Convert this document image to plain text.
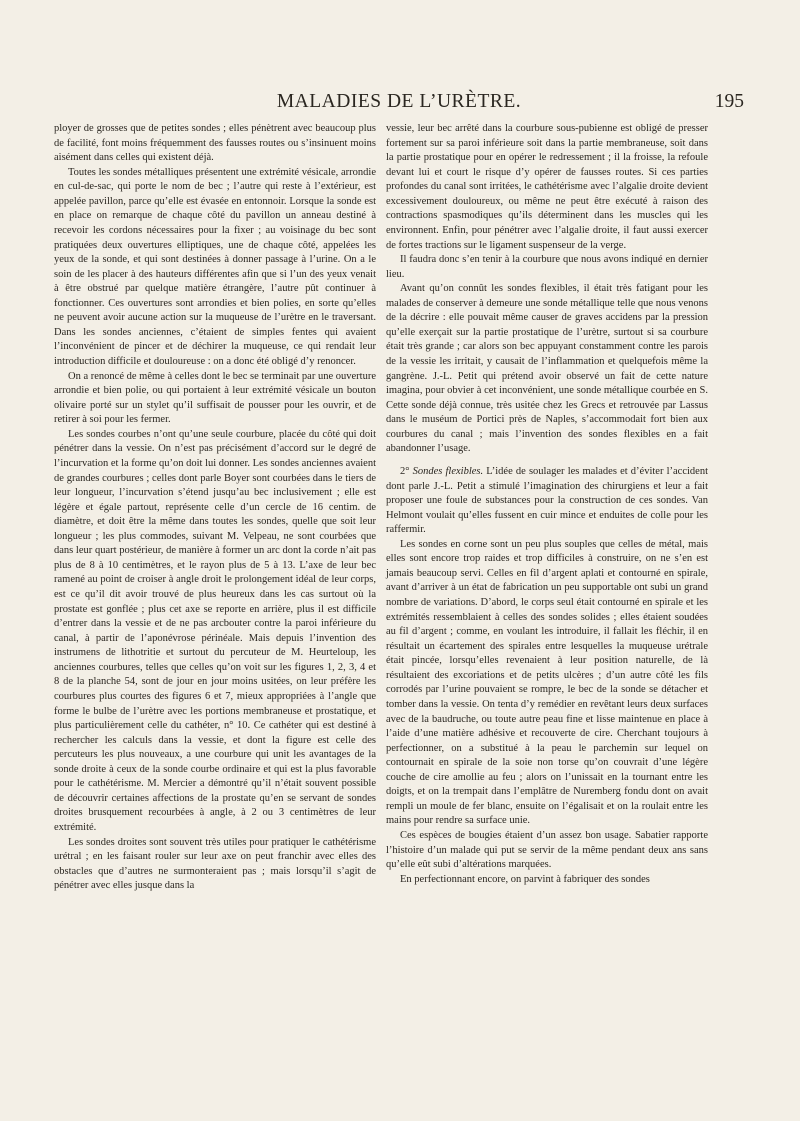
MALADIES DE L’URÈTRE.	195

ployer de grosses que de petites sondes ; elles pénètrent avec beaucoup plus de facilité, font moins fréquemment des fausses routes ou s’insinuent moins aisément dans celles qui existent déjà.

Toutes les sondes métalliques présentent une extrémité vésicale, arrondie en cul-de-sac, qui porte le nom de bec ; l’autre qui reste à l’extérieur, est appelée pavillon, parce qu’elle est évasée en entonnoir. Lorsque la sonde est en place on remarque de chaque côté du pavillon un anneau destiné à recevoir les cordons nécessaires pour la fixer ; au voisinage du bec sont pratiquées deux ouvertures elliptiques, une de chaque côté, appelées les yeux de la sonde, et qui sont destinées à donner passage à l’urine. On a le soin de les placer à des hauteurs différentes afin que si l’un des yeux venait à être obstrué par quelque matière étrangère, l’autre pût continuer à fonctionner. Ces ouvertures sont arrondies et bien polies, en sorte qu’elles ne peuvent avoir aucune action sur la muqueuse de l’urètre en le traversant. Dans les sondes anciennes, c’étaient de simples fentes qui avaient l’inconvénient de pincer et de déchirer la muqueuse, ce qui rendait leur introduction difficile et douloureuse : on a donc été obligé d’y renoncer.

On a renoncé de même à celles dont le bec se terminait par une ouverture arrondie et bien polie, ou qui portaient à leur extrémité vésicale un bouton olivaire porté sur un stylet qu’il suffisait de pousser pour les ouvrir, et de retirer à soi pour les fermer.

Les sondes courbes n’ont qu’une seule courbure, placée du côté qui doit pénétrer dans la vessie. On n’est pas précisément d’accord sur le degré de l’incurvation et la forme qu’on doit lui donner. Les sondes anciennes avaient de grandes courbures ; celles dont parle Boyer sont courbées dans le tiers de leur longueur, l’incurvation s’étend jusqu’au bec inclusivement ; elle est légère et égale partout, représente celle d’un cercle de 16 centim. de diamètre, et doit être la même dans toutes les sondes, quelle que soit leur longueur ; les plus commodes, suivant M. Velpeau, ne sont courbées que dans leur quart postérieur, de manière à former un arc dont la corde n’ait pas plus de 8 à 10 centimètres, et le rayon plus de 5 à 13. L’axe de leur bec ramené au point de croiser à angle droit le prolongement idéal de leur corps, est ce qu’il dit avoir trouvé de plus heureux dans les cas surtout où la prostate est gonflée ; plus cet axe se reporte en arrière, plus il est difficile d’entrer dans la vessie et de ne pas arcbouter contre la paroi inférieure du canal, à partir de l’aponévrose périnéale. Mais depuis l’invention des instrumens de lithotritie et surtout du percuteur de M. Heurteloup, les anciennes courbures, telles que celles qu’on voit sur les figures 1, 2, 3, 4 et 8 de la planche 54, sont de jour en jour moins usitées, on leur préfère les courbures plus courtes des figures 6 et 7, mieux appropriées à l’angle que forme le bulbe de l’urètre avec les portions membraneuse et prostatique, et plus particulièrement celle du cathéter, n° 10. Ce cathéter qui est destiné à rechercher les calculs dans la vessie, et dont la figure est celle des percuteurs les plus nouveaux, a une courbure qui unit les avantages de la sonde droite à ceux de la sonde courbe ordinaire et qui est la plus favorable pour le cathétérisme. M. Mercier a démontré qu’il n’était souvent possible de découvrir certaines affections de la prostate qu’en se servant de sondes droites brusquement recourbées à angle, à 2 ou 3 centimètres de leur extrémité.

Les sondes droites sont souvent très utiles pour pratiquer le cathétérisme urétral ; en les faisant rouler sur leur axe on peut franchir avec elles des obstacles que d’autres ne surmonteraient pas ; mais lorsqu’il s’agit de pénétrer avec elles jusque dans la

vessie, leur bec arrêté dans la courbure sous-pubienne est obligé de presser fortement sur sa paroi inférieure soit dans la partie membraneuse, soit dans la partie prostatique pour en opérer le redressement ; il la froisse, la refoule devant lui et court le risque d’y opérer de fausses routes. Si ces parties profondes du canal sont irritées, le cathétérisme avec l’algalie droite devient excessivement douloureux, ou même ne peut être exécuté à raison des contractions spasmodiques qu’ils déterminent dans les muscles qui les environnent. Enfin, pour pénétrer avec l’algalie droite, il faut aussi exercer de fortes tractions sur le ligament suspenseur de la verge.

Il faudra donc s’en tenir à la courbure que nous avons indiqué en dernier lieu.

Avant qu’on connût les sondes flexibles, il était très fatigant pour les malades de conserver à demeure une sonde métallique telle que nous venons de la décrire : elle pouvait même causer de graves accidens par la pression qu’elle exerçait sur la partie prostatique de l’urètre, surtout si sa courbure était très grande ; car alors son bec appuyant constamment contre les parois de la vessie les irritait, y causait de l’inflammation et quelquefois même la gangrène. J.-L. Petit qui prétend avoir observé un fait de cette nature imagina, pour obvier à cet inconvénient, une sonde métallique courbée en S. Cette sonde déjà connue, très usitée chez les Grecs et retrouvée par Lassus dans le muséum de Portici près de Naples, s’accommodait fort bien aux courbures du canal ; mais l’invention des sondes flexibles en a fait abandonner l’usage.

2° Sondes flexibles. L’idée de soulager les malades et d’éviter l’accident dont parle J.-L. Petit a stimulé l’imagination des chirurgiens et leur a fait proposer une foule de substances pour la construction de ces sondes. Van Helmont voulait qu’elles fussent en cuir mince et enduites de colle pour les raffermir.

Les sondes en corne sont un peu plus souples que celles de métal, mais elles sont encore trop raides et trop difficiles à construire, on ne s’en est jamais beaucoup servi. Celles en fil d’argent aplati et contourné en spirale, avant d’arriver à un état de fabrication un peu supportable ont subi un grand nombre de variations. D’abord, le corps seul était contourné en spirale et les extrémités ressemblaient à celles des sondes solides ; elles étaient soudées au fil d’argent ; comme, en voulant les introduire, il fallait les fléchir, il en résultait un écartement des spirales entre lesquelles la muqueuse urétrale était pincée, lorsqu’elles revenaient à leur position naturelle, de là résultaient des excoriations et de petits ulcères ; d’un autre côté les fils corrodés par l’urine pouvaient se rompre, le bec de la sonde se détacher et tomber dans la vessie. On tenta d’y remédier en revêtant leurs deux surfaces avec de la baudruche, ou toute autre peau fine et lisse maintenue en place à l’aide d’une matière adhésive et recouverte de cire. Cherchant toujours à perfectionner, on a substitué à la peau le parchemin sur lequel on contournait en spirale de la soie non torse qu’on couvrait d’une légère couche de cire amollie au feu ; alors on l’unissait en la tournant entre les doigts, et on la trempait dans l’emplâtre de Nuremberg fondu dont on avait rempli un moule de fer blanc, ensuite on l’égalisait et on la roulait entre les mains pour rendre sa surface unie.

Ces espèces de bougies étaient d’un assez bon usage. Sabatier rapporte l’histoire d’un malade qui put se servir de la même pendant deux ans sans qu’elle eût subi d’altérations marquées.

En perfectionnant encore, on parvint à fabriquer des sondes
